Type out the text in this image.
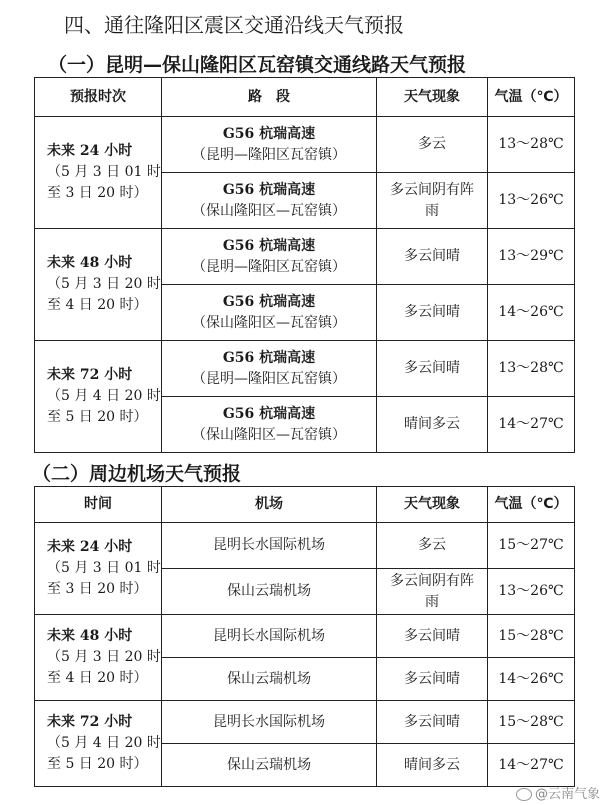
四、通往隆阳区震区交通沿线天气预报
（一）昆明—保山隆阳区瓦窑镇交通线路天气预报
预报时次	路　段	天气现象	气温（℃）

未来 24 小时
（5 月 3 日 01 时
至 3 日 20 时）	G56 杭瑞高速
（昆明—隆阳区瓦窑镇）	多云	13～28℃

	G56 杭瑞高速
（保山隆阳区—瓦窑镇）	多云间阴有阵雨	13～26℃

未来 48 小时
（5 月 3 日 20 时
至 4 日 20 时）	G56 杭瑞高速
（昆明—隆阳区瓦窑镇）	多云间晴	13～29℃

	G56 杭瑞高速
（保山隆阳区—瓦窑镇）	多云间晴	14～26℃

未来 72 小时
（5 月 4 日 20 时
至 5 日 20 时）	G56 杭瑞高速
（昆明—隆阳区瓦窑镇）	多云间晴	13～28℃

	G56 杭瑞高速
（保山隆阳区—瓦窑镇）	晴间多云	14～27℃
（二）周边机场天气预报
时间	机场	天气现象	气温（℃）

未来 24 小时
（5 月 3 日 01 时
至 3 日 20 时）	昆明长水国际机场	多云	15～27℃
	保山云瑞机场	多云间阴有阵雨	13～26℃

未来 48 小时
（5 月 3 日 20 时
至 4 日 20 时）	昆明长水国际机场	多云间晴	15～28℃
	保山云瑞机场	多云间晴	14～26℃

未来 72 小时
（5 月 4 日 20 时
至 5 日 20 时）	昆明长水国际机场	多云间晴	15～28℃
	保山云瑞机场	晴间多云	14～27℃
@云南气象
